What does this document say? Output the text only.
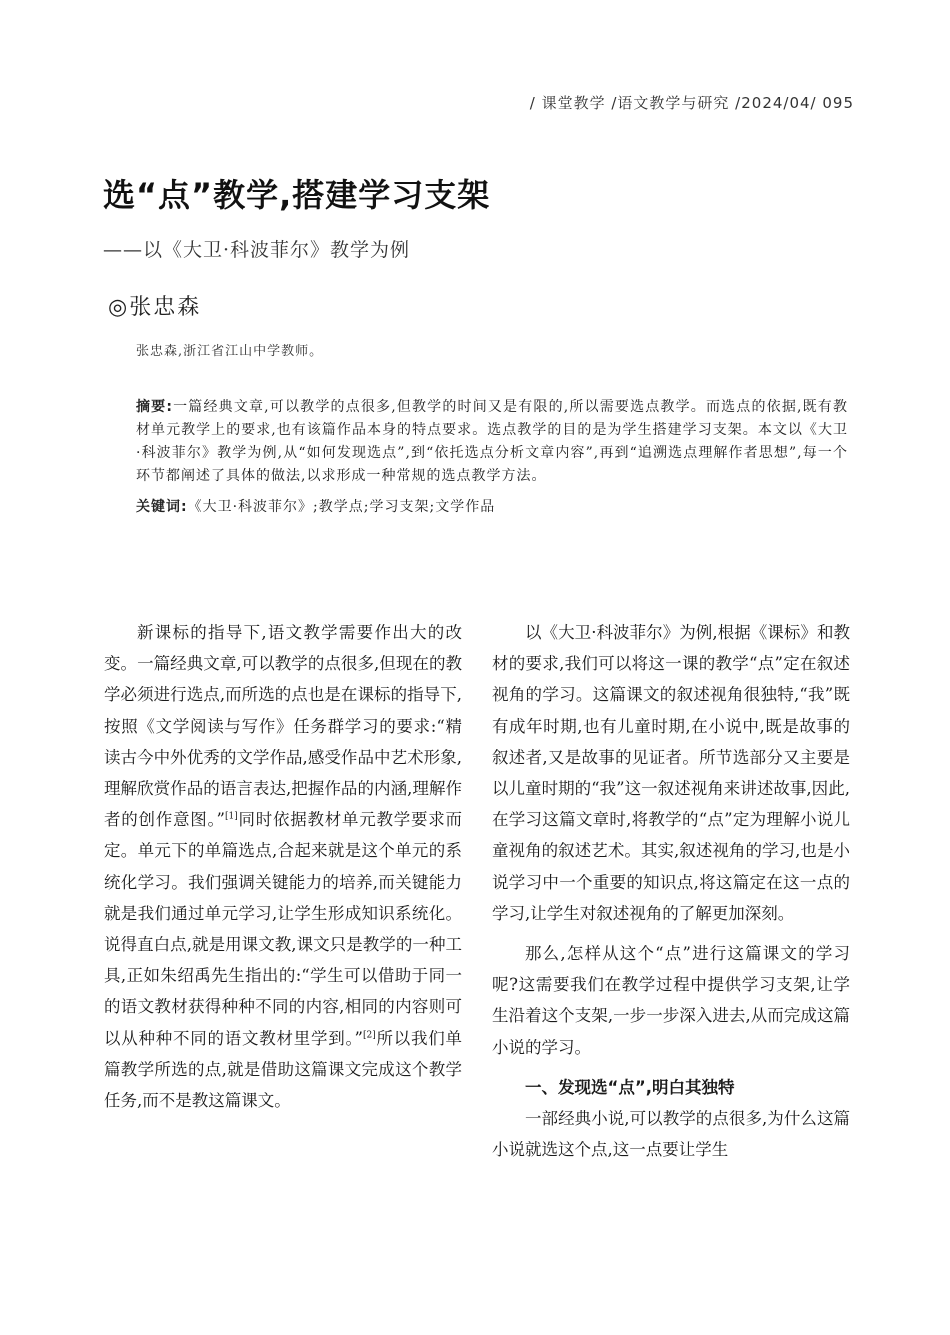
/ 课堂教学 /语文教学与研究 /2024/04/ 095
选“点”教学,搭建学习支架
——以《大卫·科波菲尔》教学为例
◎张忠森
张忠森,浙江省江山中学教师。
摘要:一篇经典文章,可以教学的点很多,但教学的时间又是有限的,所以需要选点教学。而选点的依据,既有教材单元教学上的要求,也有该篇作品本身的特点要求。选点教学的目的是为学生搭建学习支架。本文以《大卫·科波菲尔》教学为例,从“如何发现选点”,到“依托选点分析文章内容”,再到“追溯选点理解作者思想”,每一个环节都阐述了具体的做法,以求形成一种常规的选点教学方法。
关键词:《大卫·科波菲尔》;教学点;学习支架;文学作品

新课标的指导下,语文教学需要作出大的改变。一篇经典文章,可以教学的点很多,但现在的教学必须进行选点,而所选的点也是在课标的指导下,按照《文学阅读与写作》任务群学习的要求:“精读古今中外优秀的文学作品,感受作品中艺术形象,理解欣赏作品的语言表达,把握作品的内涵,理解作者的创作意图。”[1]同时依据教材单元教学要求而定。单元下的单篇选点,合起来就是这个单元的系统化学习。我们强调关键能力的培养,而关键能力就是我们通过单元学习,让学生形成知识系统化。说得直白点,就是用课文教,课文只是教学的一种工具,正如朱绍禹先生指出的:“学生可以借助于同一的语文教材获得种种不同的内容,相同的内容则可以从种种不同的语文教材里学到。”[2]所以我们单篇教学所选的点,就是借助这篇课文完成这个教学任务,而不是教这篇课文。

以《大卫·科波菲尔》为例,根据《课标》和教材的要求,我们可以将这一课的教学“点”定在叙述视角的学习。这篇课文的叙述视角很独特,“我”既有成年时期,也有儿童时期,在小说中,既是故事的叙述者,又是故事的见证者。所节选部分又主要是以儿童时期的“我”这一叙述视角来讲述故事,因此,在学习这篇文章时,将教学的“点”定为理解小说儿童视角的叙述艺术。其实,叙述视角的学习,也是小说学习中一个重要的知识点,将这篇定在这一点的学习,让学生对叙述视角的了解更加深刻。

那么,怎样从这个“点”进行这篇课文的学习呢?这需要我们在教学过程中提供学习支架,让学生沿着这个支架,一步一步深入进去,从而完成这篇小说的学习。

一、发现选“点”,明白其独特

一部经典小说,可以教学的点很多,为什么这篇小说就选这个点,这一点要让学生
